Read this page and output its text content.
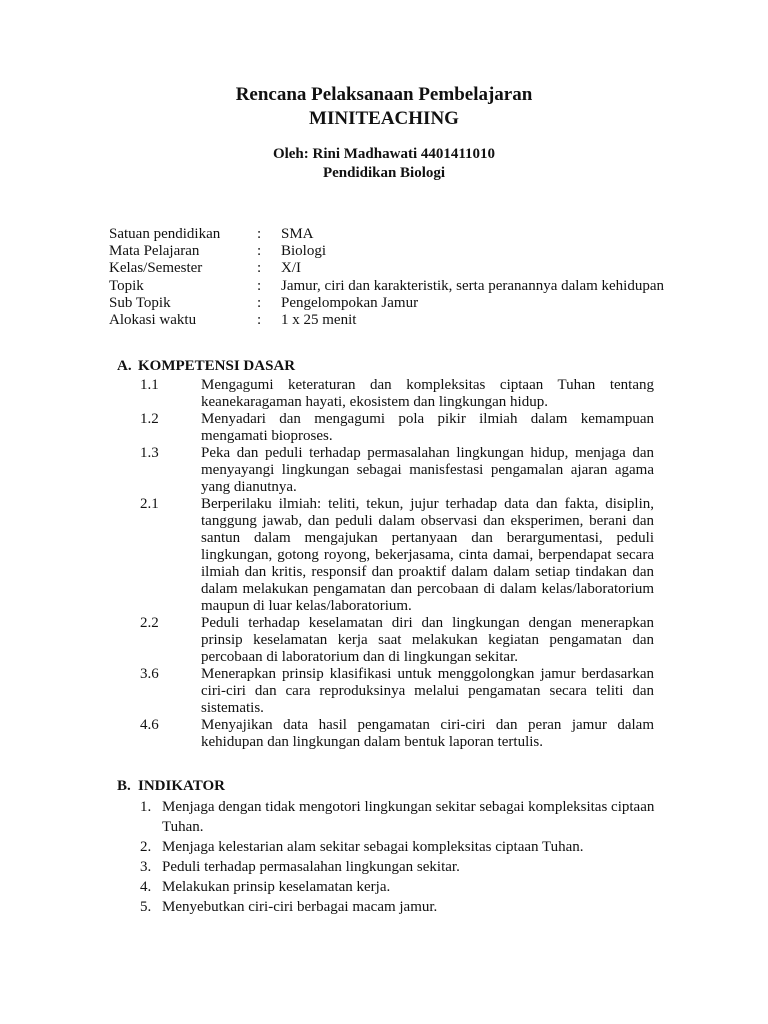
Rencana Pelaksanaan Pembelajaran
MINITEACHING
Oleh: Rini Madhawati 4401411010
Pendidikan Biologi
Satuan pendidikan	:	SMA
Mata Pelajaran	:	Biologi
Kelas/Semester	:	X/I
Topik	:	Jamur, ciri dan karakteristik, serta peranannya dalam kehidupan
Sub Topik	:	Pengelompokan Jamur
Alokasi waktu	:	1 x 25 menit
A. KOMPETENSI DASAR
1.1	Mengagumi keteraturan dan kompleksitas ciptaan Tuhan tentang keanekaragaman hayati, ekosistem dan lingkungan hidup.
1.2	Menyadari dan mengagumi pola pikir ilmiah dalam kemampuan mengamati bioproses.
1.3	Peka dan peduli terhadap permasalahan lingkungan hidup, menjaga dan menyayangi lingkungan sebagai manisfestasi pengamalan ajaran agama yang dianutnya.
2.1	Berperilaku ilmiah: teliti, tekun, jujur terhadap data dan fakta, disiplin, tanggung jawab, dan peduli dalam observasi dan eksperimen, berani dan santun dalam mengajukan pertanyaan dan berargumentasi, peduli lingkungan, gotong royong, bekerjasama, cinta damai, berpendapat secara ilmiah dan kritis, responsif dan proaktif dalam dalam setiap tindakan dan dalam melakukan pengamatan dan percobaan di dalam kelas/laboratorium maupun di luar kelas/laboratorium.
2.2	Peduli terhadap keselamatan diri dan lingkungan dengan menerapkan prinsip keselamatan kerja saat melakukan kegiatan pengamatan dan percobaan di laboratorium dan di lingkungan sekitar.
3.6	Menerapkan prinsip klasifikasi untuk menggolongkan jamur berdasarkan ciri-ciri dan cara reproduksinya melalui pengamatan secara teliti dan sistematis.
4.6	Menyajikan data hasil pengamatan ciri-ciri dan peran jamur dalam kehidupan dan lingkungan dalam bentuk laporan tertulis.
B. INDIKATOR
1. Menjaga dengan tidak mengotori lingkungan sekitar sebagai kompleksitas ciptaan Tuhan.
2. Menjaga kelestarian alam sekitar sebagai kompleksitas ciptaan Tuhan.
3. Peduli terhadap permasalahan lingkungan sekitar.
4. Melakukan prinsip keselamatan kerja.
5. Menyebutkan ciri-ciri berbagai macam jamur.
